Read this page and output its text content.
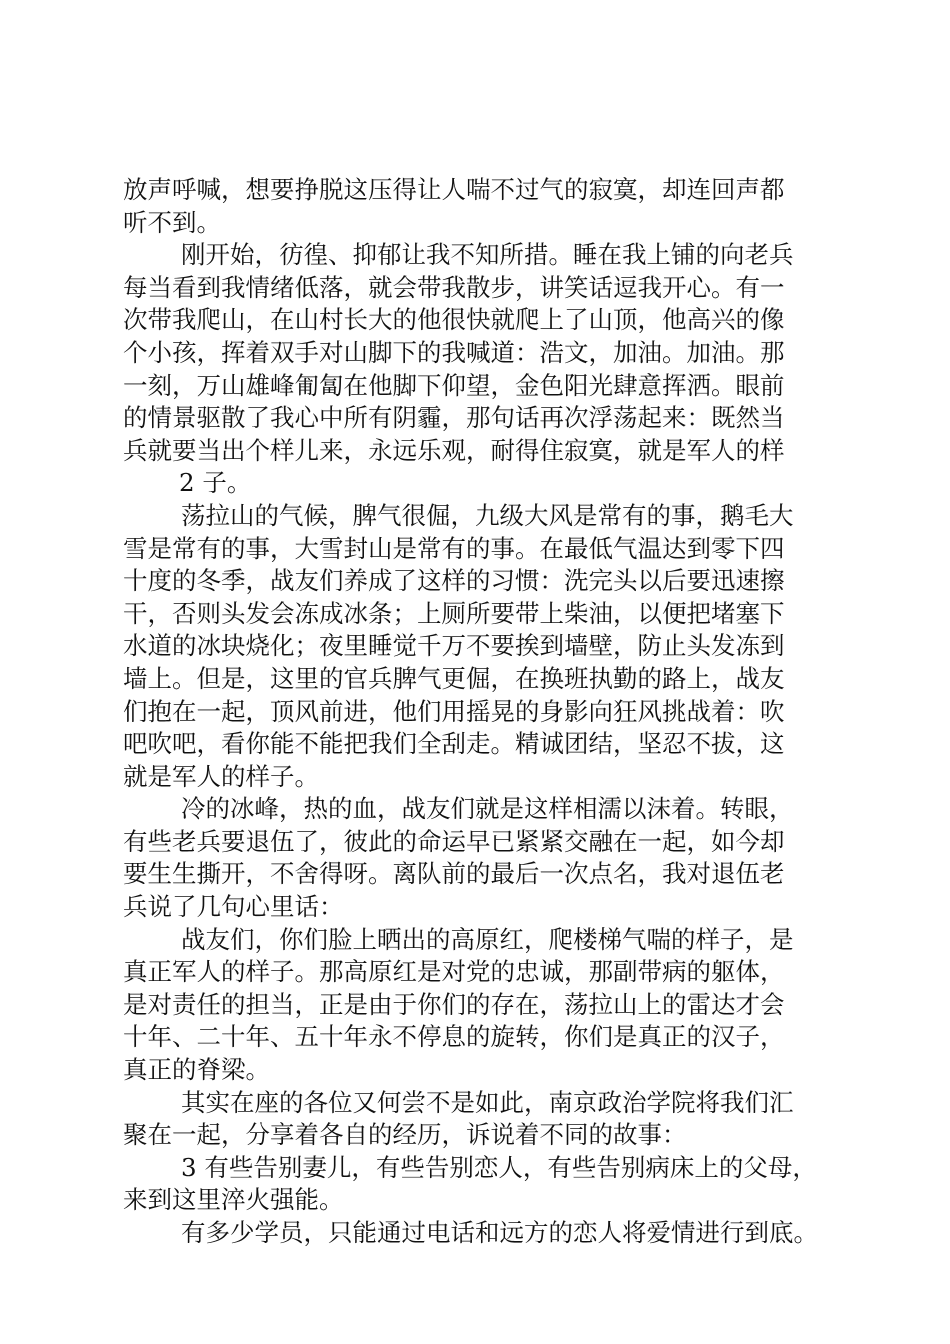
放声呼喊，想要挣脱这压得让人喘不过气的寂寞，却连回声都
听不到。
刚开始，彷徨、抑郁让我不知所措。睡在我上铺的向老兵
每当看到我情绪低落，就会带我散步，讲笑话逗我开心。有一
次带我爬山，在山村长大的他很快就爬上了山顶，他高兴的像
个小孩，挥着双手对山脚下的我喊道：浩文，加油。加油。那
一刻，万山雄峰匍匐在他脚下仰望，金色阳光肆意挥洒。眼前
的情景驱散了我心中所有阴霾，那句话再次浮荡起来：既然当
兵就要当出个样儿来，永远乐观，耐得住寂寞，就是军人的样
2 子。
荡拉山的气候，脾气很倔，九级大风是常有的事，鹅毛大
雪是常有的事，大雪封山是常有的事。在最低气温达到零下四
十度的冬季，战友们养成了这样的习惯：洗完头以后要迅速擦
干，否则头发会冻成冰条；上厕所要带上柴油，以便把堵塞下
水道的冰块烧化；夜里睡觉千万不要挨到墙壁，防止头发冻到
墙上。但是，这里的官兵脾气更倔，在换班执勤的路上，战友
们抱在一起，顶风前进，他们用摇晃的身影向狂风挑战着：吹
吧吹吧，看你能不能把我们全刮走。精诚团结，坚忍不拔，这
就是军人的样子。
冷的冰峰，热的血，战友们就是这样相濡以沫着。转眼，
有些老兵要退伍了，彼此的命运早已紧紧交融在一起，如今却
要生生撕开，不舍得呀。离队前的最后一次点名，我对退伍老
兵说了几句心里话：
战友们，你们脸上晒出的高原红，爬楼梯气喘的样子，是
真正军人的样子。那高原红是对党的忠诚，那副带病的躯体，
是对责任的担当，正是由于你们的存在，荡拉山上的雷达才会
十年、二十年、五十年永不停息的旋转，你们是真正的汉子，
真正的脊梁。
其实在座的各位又何尝不是如此，南京政治学院将我们汇
聚在一起，分享着各自的经历，诉说着不同的故事：
3 有些告别妻儿，有些告别恋人，有些告别病床上的父母，
来到这里淬火强能。
有多少学员，只能通过电话和远方的恋人将爱情进行到底。
